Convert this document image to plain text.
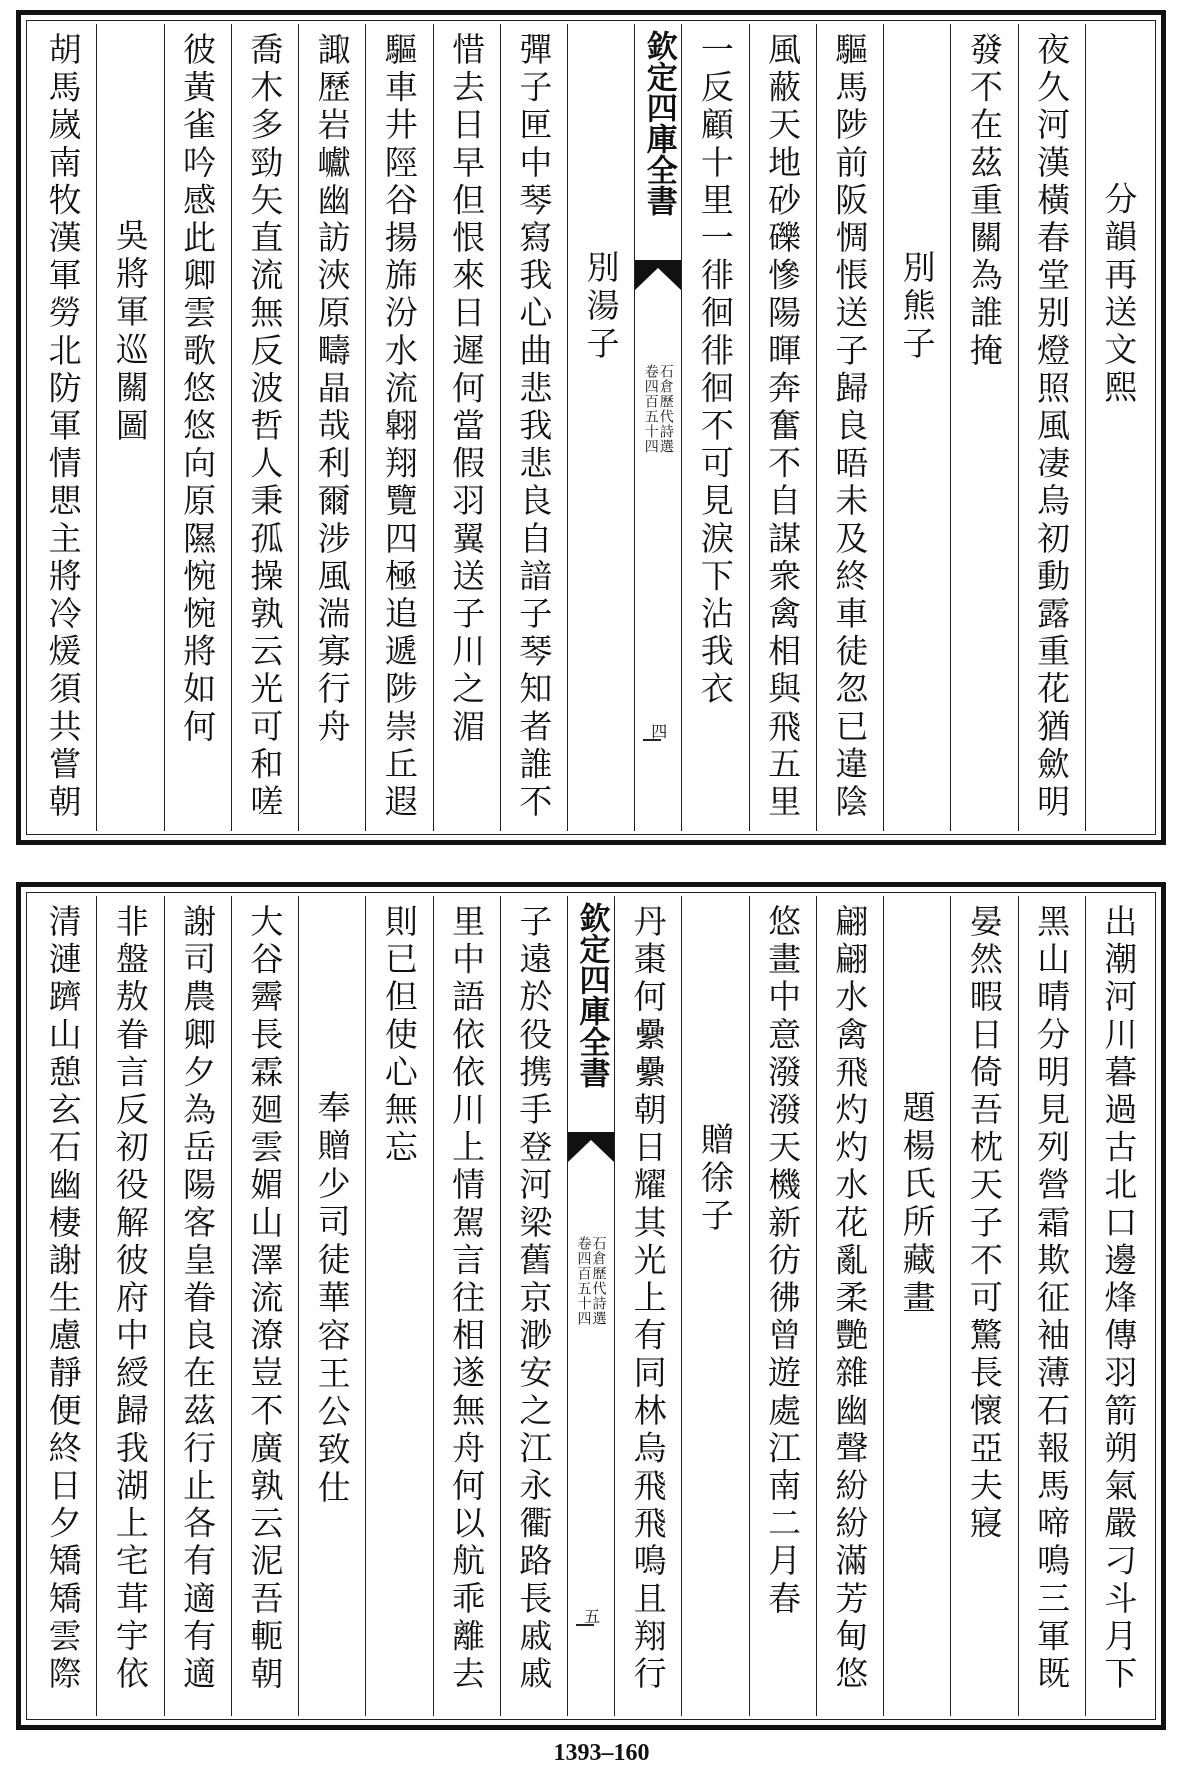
　分韻再送文熙
夜久河漢橫春堂别燈照風凄烏初動露重花猶歛明
發不在茲重關為誰掩
　　別熊子
驅馬陟前阪惆悵送子歸良晤未及終車徒忽已違陰
風蔽天地砂礫慘陽暉奔奮不自謀衆禽相與飛五里
一反顧十里一徘徊徘徊不可見淚下沾我衣
欽定四庫全書
石倉歷代詩選
卷四百五十四
四
　　別湯子
彈子匣中琴寫我心曲悲我悲良自諳子琴知者誰不
惜去日早但恨來日遲何當假羽翼送子川之湄
驅車井陘谷揚旆汾水流翺翔覽四極追遞陟崇丘遐
諏歷岩巘幽訪浹原疇晶哉利爾涉風湍寡行舟
喬木多勁矢直流無反波哲人秉孤操孰云光可和嗟
彼黃雀吟感此卿雲歌悠悠向原隰惋惋將如何
　　吳將軍巡關圖
胡馬嵗南牧漢軍勞北防軍情愳主將冷煖須共嘗朝
出潮河川暮過古北口邊烽傳羽箭朔氣嚴刁斗月下
黑山晴分明見列營霜欺征袖薄石報馬啼鳴三軍既
晏然暇日倚吾枕天子不可驚長懷亞夫寢
　　題楊氏所藏畫
翩翩水禽飛灼灼水花亂柔艷雜幽聲紛紛滿芳甸悠
悠畫中意潑潑天機新彷彿曾遊處江南二月春
　　贈徐子
丹棗何纍纍朝日耀其光上有同林烏飛飛鳴且翔行
欽定四庫全書
石倉歷代詩選
卷四百五十四
五
子遠於役携手登河梁舊京渺安之江永衢路長戚戚
里中語依依川上情駕言往相遂無舟何以航乖離去
則已但使心無忘
　　奉贈少司徒華容王公致仕
大谷霽長霖廻雲媚山澤流潦豈不廣孰云泥吾軛朝
謝司農卿夕為岳陽客皇眷良在茲行止各有適有適
非盤敖眷言反初役解彼府中綬歸我湖上宅茸宇依
清漣躋山憩玄石幽棲謝生慮靜便終日夕矯矯雲際
1393–160
